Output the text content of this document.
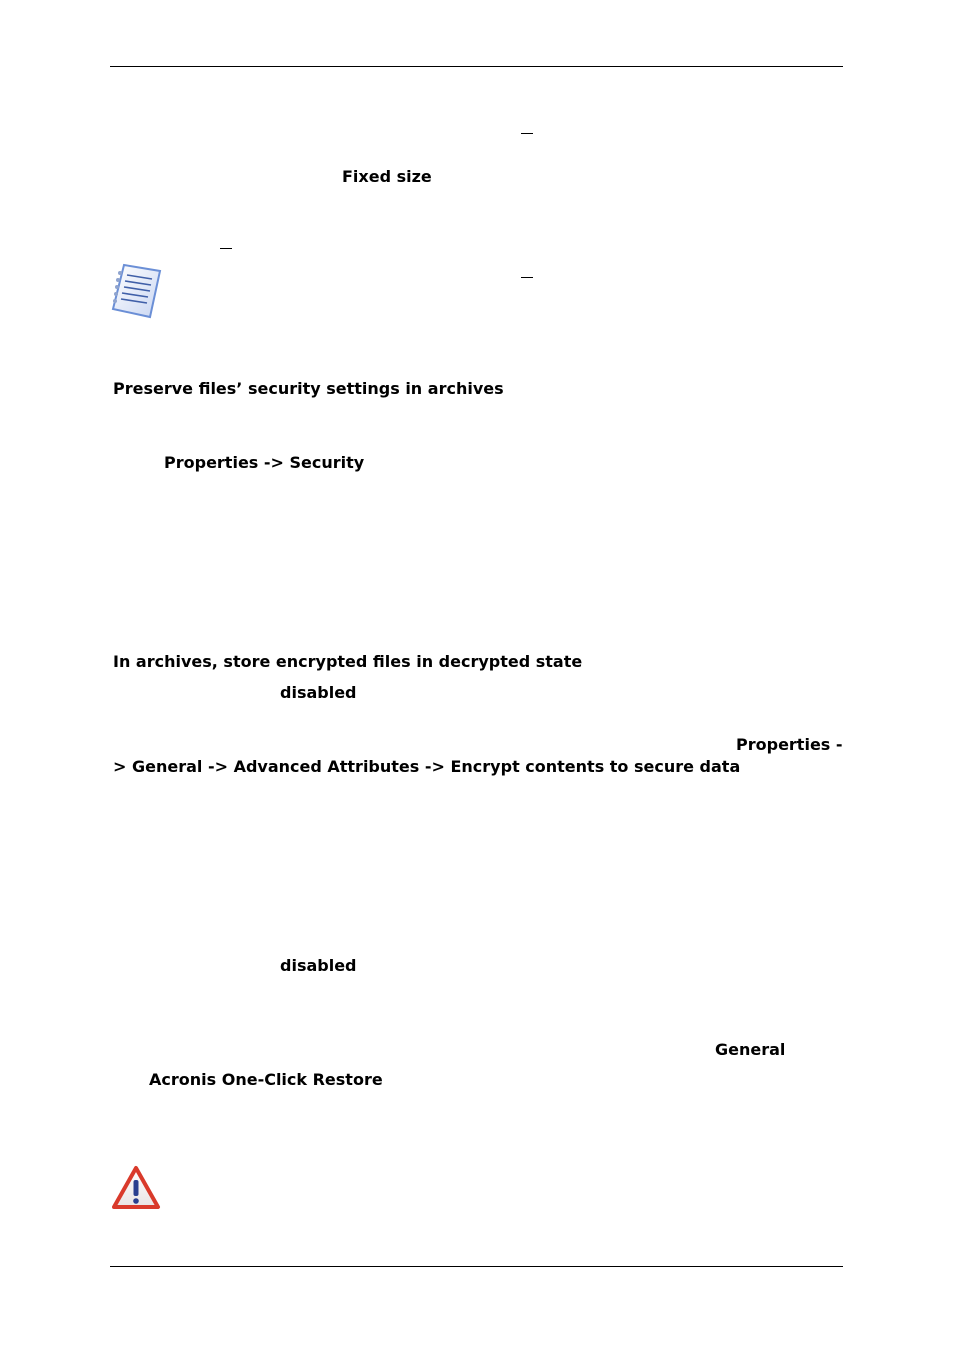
Fixed size
Preserve files’ security settings in archives
Properties -> Security
In archives, store encrypted files in decrypted state
disabled
Properties -
> General -> Advanced Attributes -> Encrypt contents to secure data
disabled
General
Acronis One-Click Restore
